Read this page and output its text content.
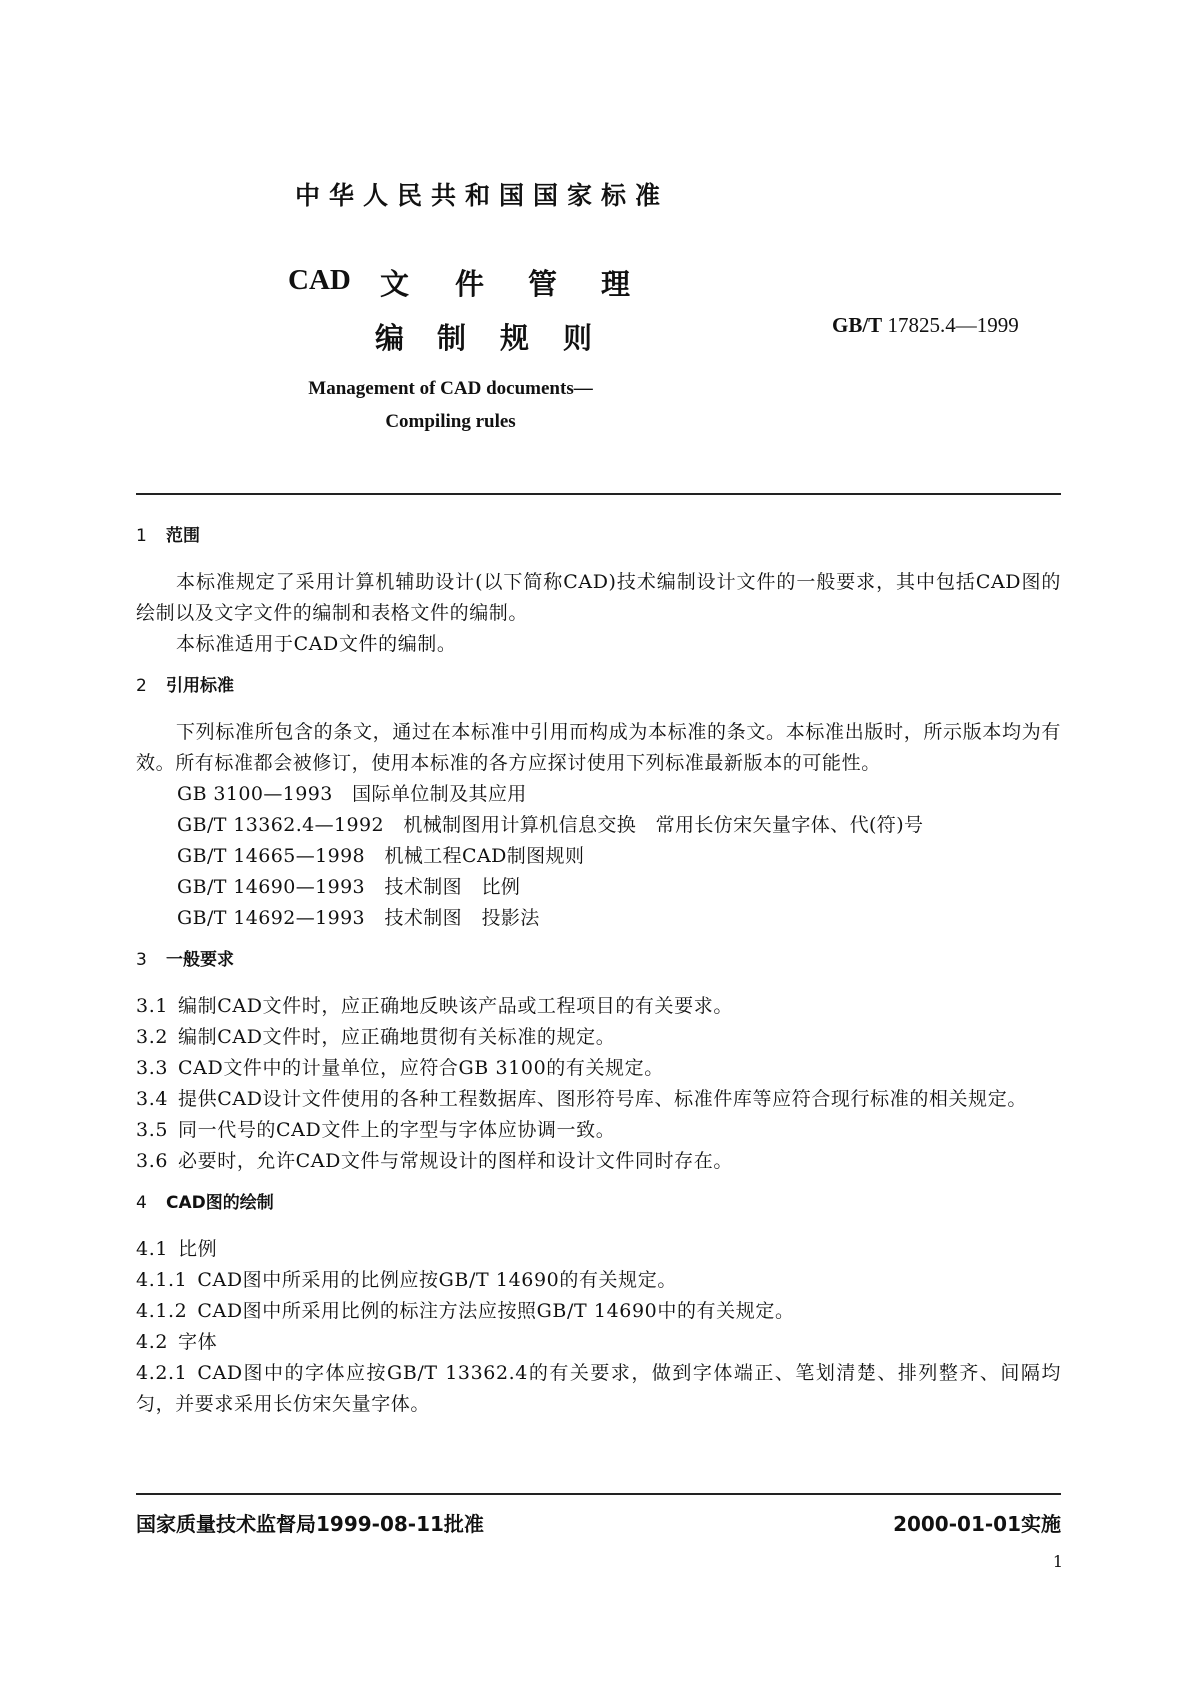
中华人民共和国国家标准
CAD 文 件 管 理
编 制 规 则	GB/T 17825.4—1999
Management of CAD documents—
Compiling rules
1 范围
本标准规定了采用计算机辅助设计(以下简称CAD)技术编制设计文件的一般要求，其中包括CAD图的绘制以及文字文件的编制和表格文件的编制。
本标准适用于CAD文件的编制。
2 引用标准
下列标准所包含的条文，通过在本标准中引用而构成为本标准的条文。本标准出版时，所示版本均为有效。所有标准都会被修订，使用本标准的各方应探讨使用下列标准最新版本的可能性。
GB 3100—1993　国际单位制及其应用
GB/T 13362.4—1992　机械制图用计算机信息交换　常用长仿宋矢量字体、代(符)号
GB/T 14665—1998　机械工程CAD制图规则
GB/T 14690—1993　技术制图　比例
GB/T 14692—1993　技术制图　投影法
3 一般要求
3.1 编制CAD文件时，应正确地反映该产品或工程项目的有关要求。
3.2 编制CAD文件时，应正确地贯彻有关标准的规定。
3.3 CAD文件中的计量单位，应符合GB 3100的有关规定。
3.4 提供CAD设计文件使用的各种工程数据库、图形符号库、标准件库等应符合现行标准的相关规定。
3.5 同一代号的CAD文件上的字型与字体应协调一致。
3.6 必要时，允许CAD文件与常规设计的图样和设计文件同时存在。
4 CAD图的绘制
4.1 比例
4.1.1 CAD图中所采用的比例应按GB/T 14690的有关规定。
4.1.2 CAD图中所采用比例的标注方法应按照GB/T 14690中的有关规定。
4.2 字体
4.2.1 CAD图中的字体应按GB/T 13362.4的有关要求，做到字体端正、笔划清楚、排列整齐、间隔均匀，并要求采用长仿宋矢量字体。
国家质量技术监督局1999-08-11批准	2000-01-01实施
1
